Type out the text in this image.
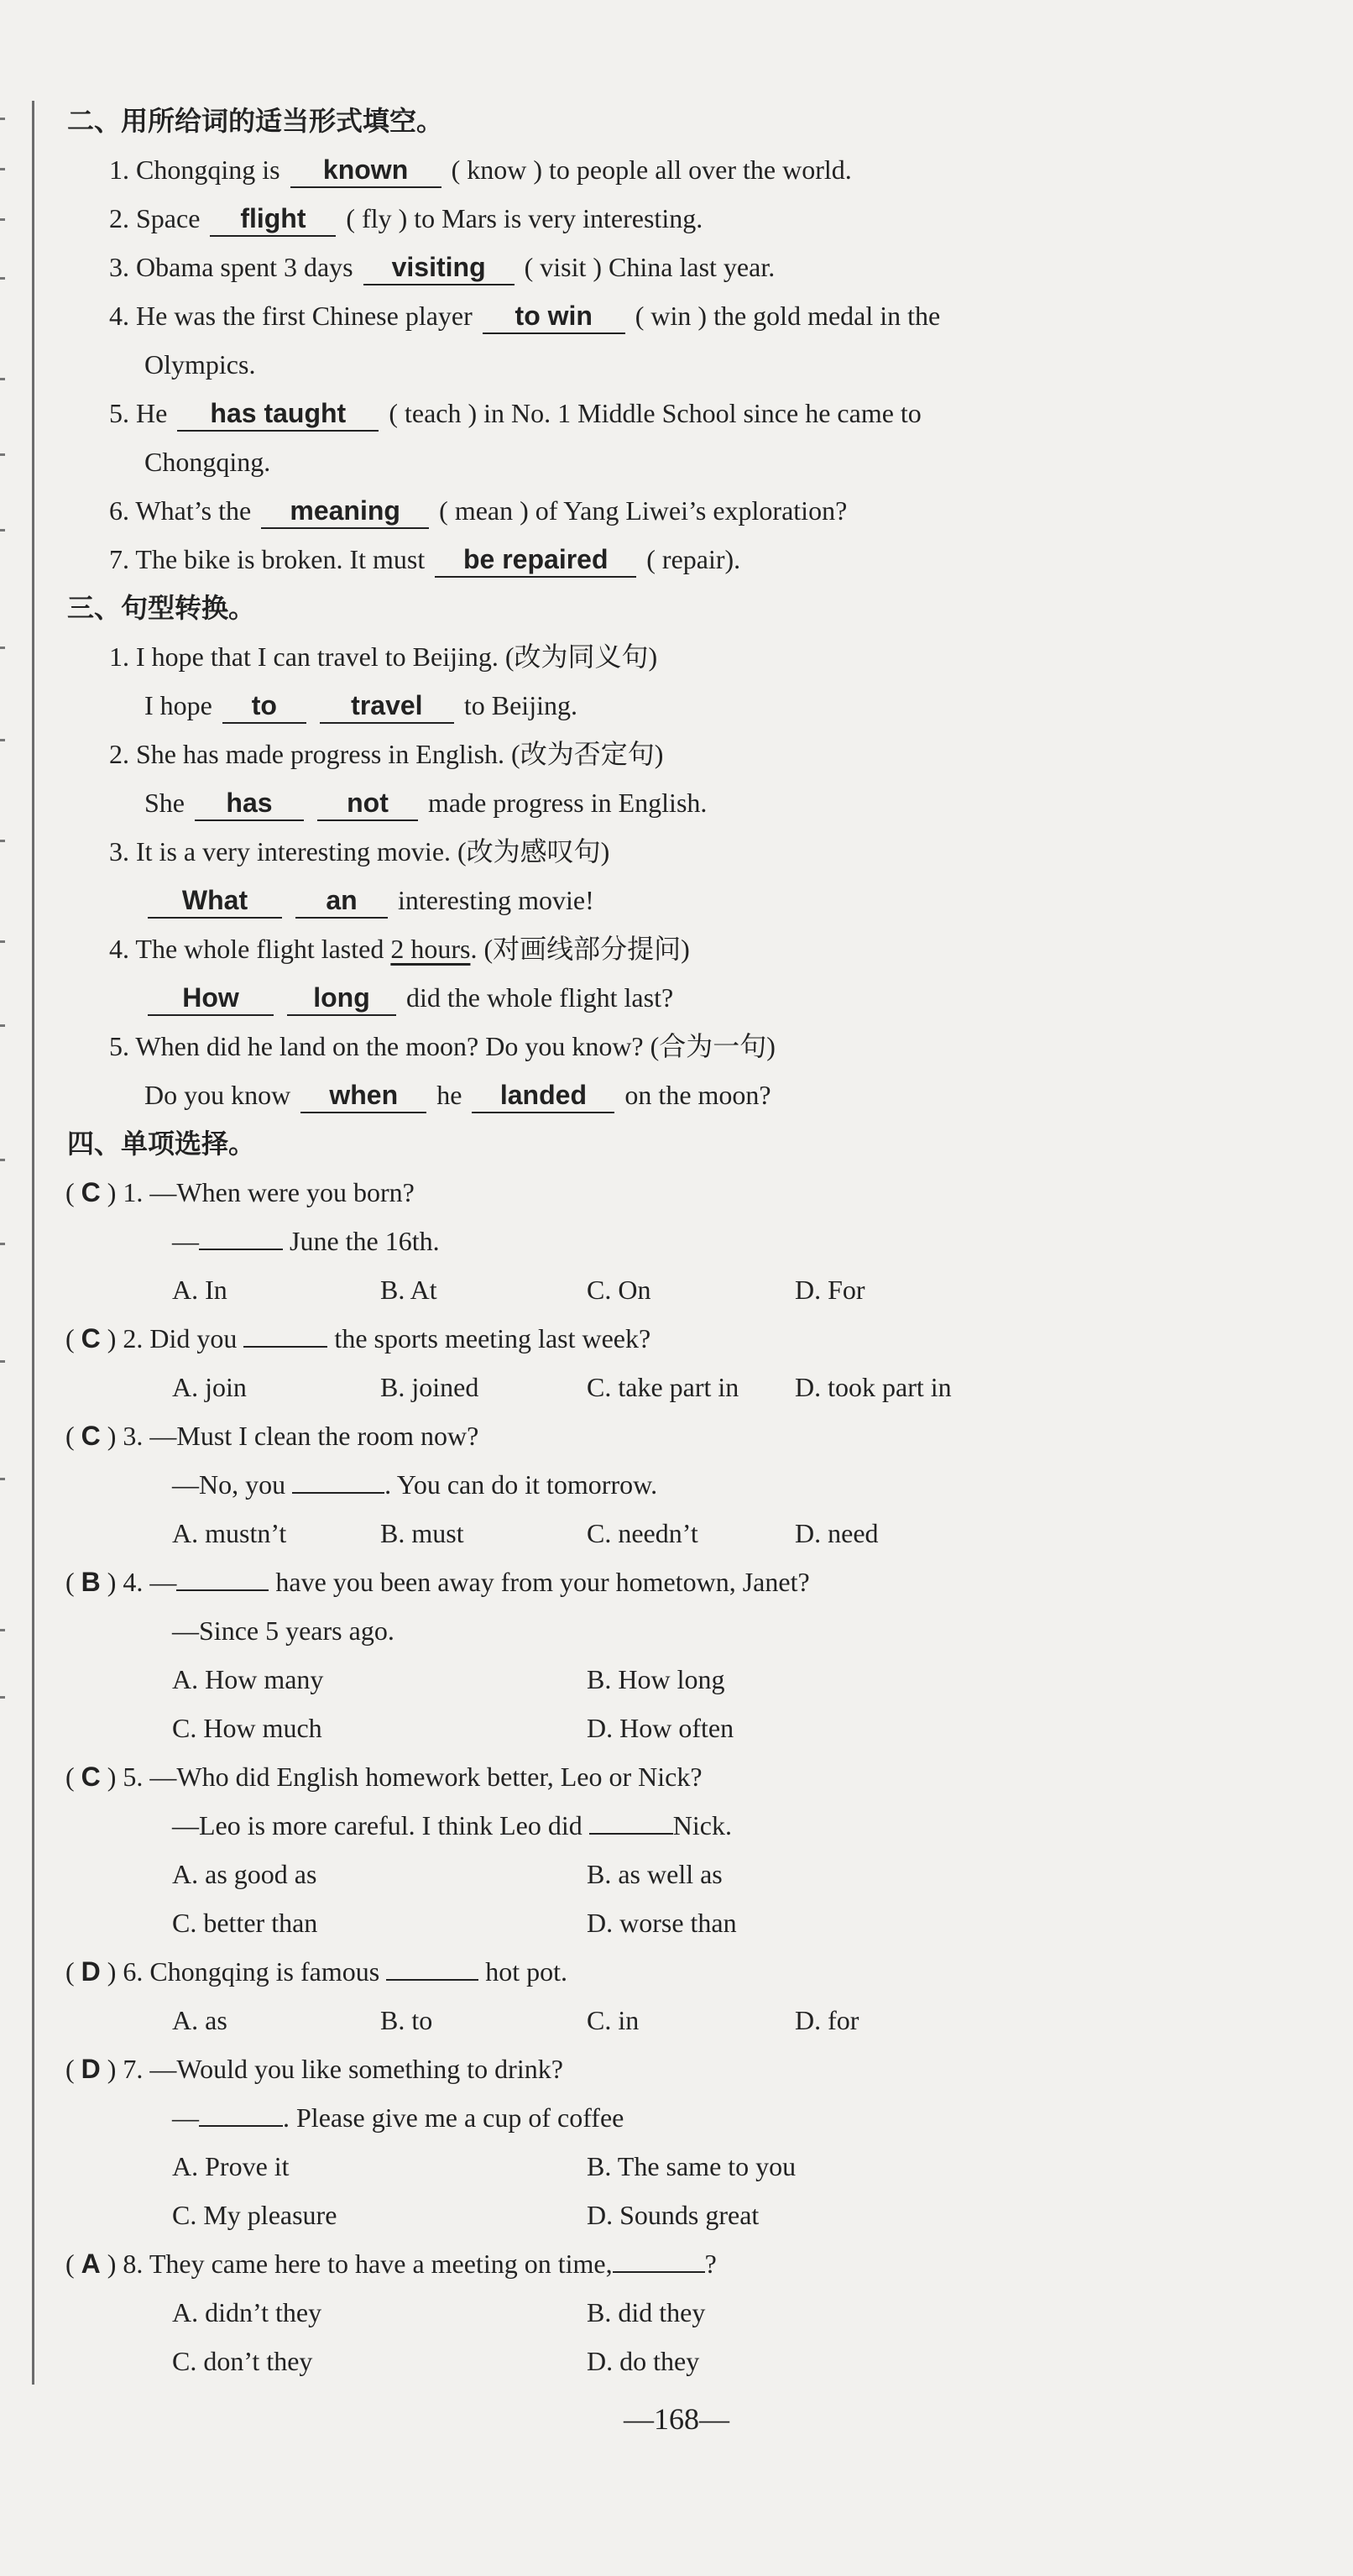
二、用所给词的适当形式填空。
1. Chongqing is known ( know ) to people all over the world.
2. Space flight ( fly ) to Mars is very interesting.
3. Obama spent 3 days visiting ( visit ) China last year.
4. He was the first Chinese player to win ( win ) the gold medal in the
Olympics.
5. He has taught ( teach ) in No. 1 Middle School since he came to
Chongqing.
6. What’s the meaning ( mean ) of Yang Liwei’s exploration?
7. The bike is broken. It must be repaired ( repair).
三、句型转换。
1. I hope that I can travel to Beijing. (改为同义句)
I hope to	travel to Beijing.
2. She has made progress in English. (改为否定句)
She has	not made progress in English.
3. It is a very interesting movie. (改为感叹句)
What	an interesting movie!
4. The whole flight lasted 2 hours. (对画线部分提问)
How	long did the whole flight last?
5. When did he land on the moon? Do you know? (合为一句)
Do you know when he landed on the moon?
四、单项选择。
( C ) 1. —When were you born?
—	June the 16th.
A. In	B. At	C. On	D. For
( C ) 2. Did you	the sports meeting last week?
A. join	B. joined	C. take part in D. took part in
( C ) 3. —Must I clean the room now?
—No, you	. You can do it tomorrow.
A. mustn’t	B. must	C. needn’t	D. need
( B ) 4. —	have you been away from your hometown, Janet?
—Since 5 years ago.
A. How many	B. How long
C. How much	D. How often
( C ) 5. —Who did English homework better, Leo or Nick?
—Leo is more careful. I think Leo did	Nick.
A. as good as	B. as well as
C. better than	D. worse than
( D ) 6. Chongqing is famous	hot pot.
A. as	B. to	C. in	D. for
( D ) 7. —Would you like something to drink?
—	. Please give me a cup of coffee
A. Prove it	B. The same to you
C. My pleasure	D. Sounds great
( A ) 8. They came here to have a meeting on time,	?
A. didn’t they	B. did they
C. don’t they	D. do they
—168—
